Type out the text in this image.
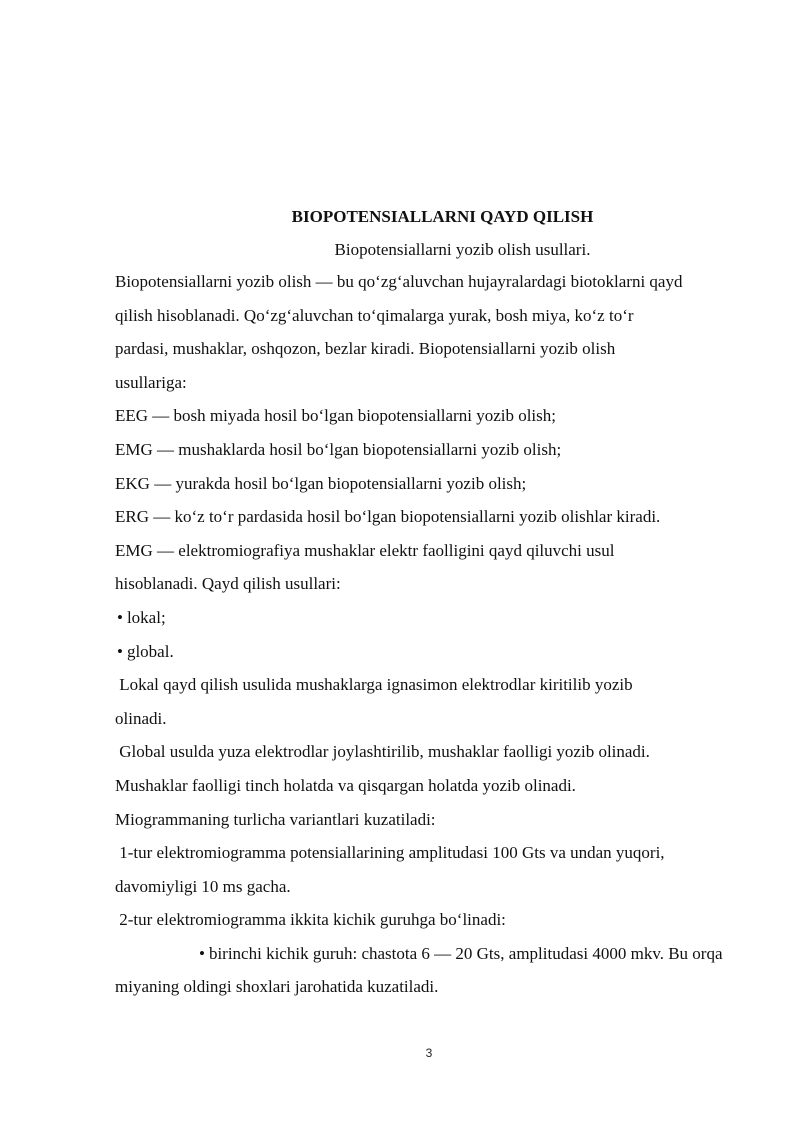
BIOPOTENSIALLARNI QAYD QILISH

Biopotensiallarni yozib olish usullari.

Biopotensiallarni yozib olish — bu qo‘zg‘aluvchan hujayralardagi biotoklarni qayd

qilish hisoblanadi. Qo‘zg‘aluvchan to‘qimalarga yurak, bosh miya, ko‘z to‘r

pardasi, mushaklar, oshqozon, bezlar kiradi. Biopotensiallarni yozib olish

usullariga:

EEG — bosh miyada hosil bo‘lgan biopotensiallarni yozib olish;

EMG — mushaklarda hosil bo‘lgan biopotensiallarni yozib olish;

EKG — yurakda hosil bo‘lgan biopotensiallarni yozib olish;

ERG — ko‘z to‘r pardasida hosil bo‘lgan biopotensiallarni yozib olishlar kiradi.

EMG — elektromiografiya mushaklar elektr faolligini qayd qiluvchi usul

hisoblanadi. Qayd qilish usullari:

• lokal;

• global.

Lokal qayd qilish usulida mushaklarga ignasimon elektrodlar kiritilib yozib

olinadi.

Global usulda yuza elektrodlar joylashtirilib, mushaklar faolligi yozib olinadi.

Mushaklar faolligi tinch holatda va qisqargan holatda yozib olinadi.

Miogrammaning turlicha variantlari kuzatiladi:

1-tur elektromiogramma potensiallarining amplitudasi 100 Gts va undan yuqori,

davomiyligi 10 ms gacha.

2-tur elektromiogramma ikkita kichik guruhga bo‘linadi:

• birinchi kichik guruh: chastota 6 — 20 Gts, amplitudasi 4000 mkv. Bu orqa

miyaning oldingi shoxlari jarohatida kuzatiladi.

3
